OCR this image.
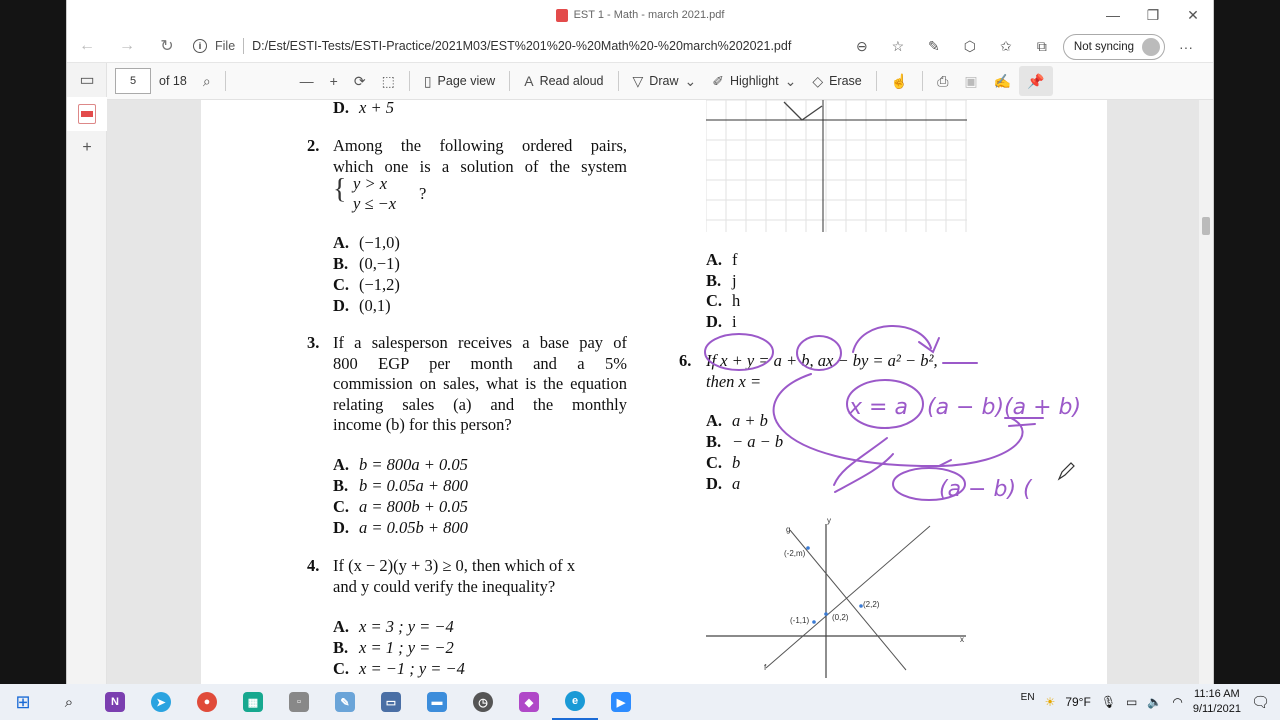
EST 1 - Math - march 2021.pdf	—	❐	✕
←	→	↻	i	File D:/Est/ESTI-Tests/ESTI-Practice/2021M03/EST%201%20-%20Math%20-%20march%202021.pdf	⊖	☆	✎	⬡	✩	⧉	Not syncing	···
▭
+
5	of 18	⌕	— + ⟳ ⬚ ▯ Page view A Read aloud ▽ Draw ⌄ ✐ Highlight ⌄ ◇ Erase ☝ ⎙ ▣ ✍ 📌
D. x + 5
2. Among the following ordered pairs,
which one is a solution of the system
{ y > x
y ≤ −x
?
A. (−1,0)
B. (0,−1)
C. (−1,2)
D. (0,1)
3. If a salesperson receives a base pay of
800 EGP per month and a 5%
commission on sales, what is the equation
relating sales (a) and the monthly
income (b) for this person?
A. b = 800a + 0.05
B. b = 0.05a + 800
C. a = 800b + 0.05
D. a = 0.05b + 800
4. If (x − 2)(y + 3) ≥ 0, then which of x
and y could verify the inequality?
A. x = 3 ; y = −4
B. x = 1 ; y = −2
C. x = −1 ; y = −4
A. f
B. j
C. h
D. i
6. If x + y = a + b, ax − by = a² − b²,
then x =
A. a + b
B. − a − b
C. b
D. a
g
y
x
f
(-2,m)
(2,2)
(0,2)
(-1,1)
x = a (a − b)(a + b)
(a − b) (
⊞	⌕	N	➤	●	▦	▫	✎	▭	▬	◷	◆	e	▶	EN ☀ 79°F 🎙 ▭ 🔈 ◠
11:16 AM
9/11/2021 🗨
